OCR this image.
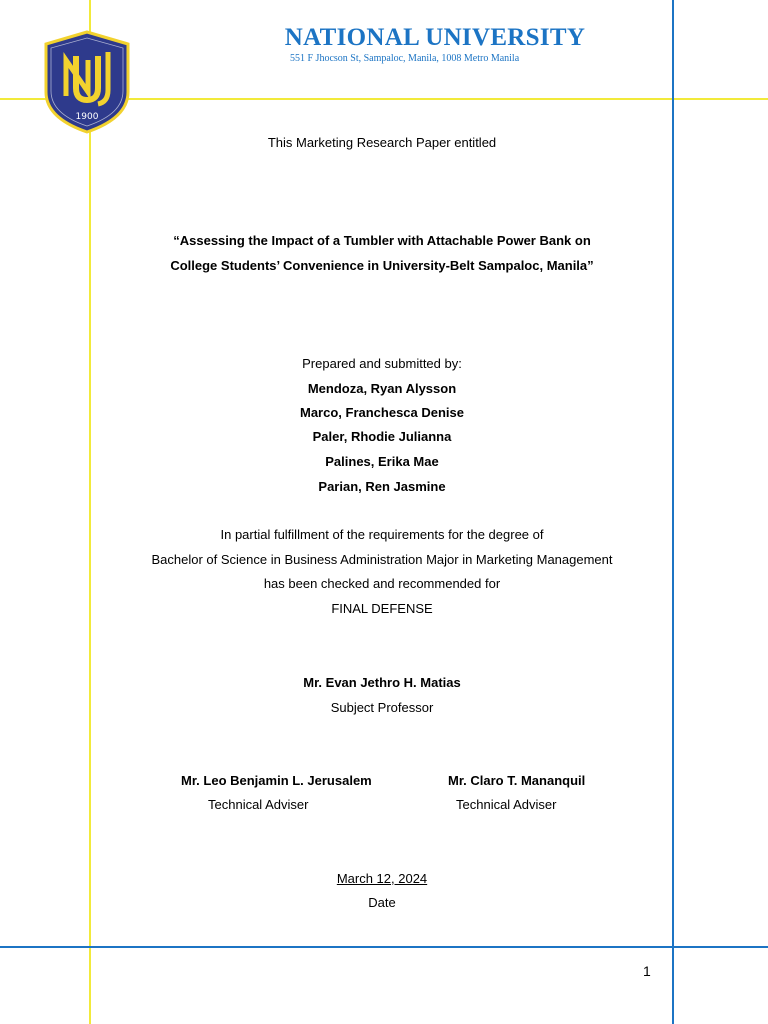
1900
NATIONAL UNIVERSITY
551 F Jhocson St, Sampaloc, Manila, 1008 Metro Manila
This Marketing Research Paper entitled
“Assessing the Impact of a Tumbler with Attachable Power Bank on
College Students’ Convenience in University-Belt Sampaloc, Manila”
Prepared and submitted by:
Mendoza, Ryan Alysson
Marco, Franchesca Denise
Paler, Rhodie Julianna
Palines, Erika Mae
Parian, Ren Jasmine
In partial fulfillment of the requirements for the degree of
Bachelor of Science in Business Administration Major in Marketing Management
has been checked and recommended for
FINAL DEFENSE
Mr. Evan Jethro H. Matias
Subject Professor
Mr. Leo Benjamin L. Jerusalem
Technical Adviser
Mr. Claro T. Mananquil
Technical Adviser
March 12, 2024
Date
1
